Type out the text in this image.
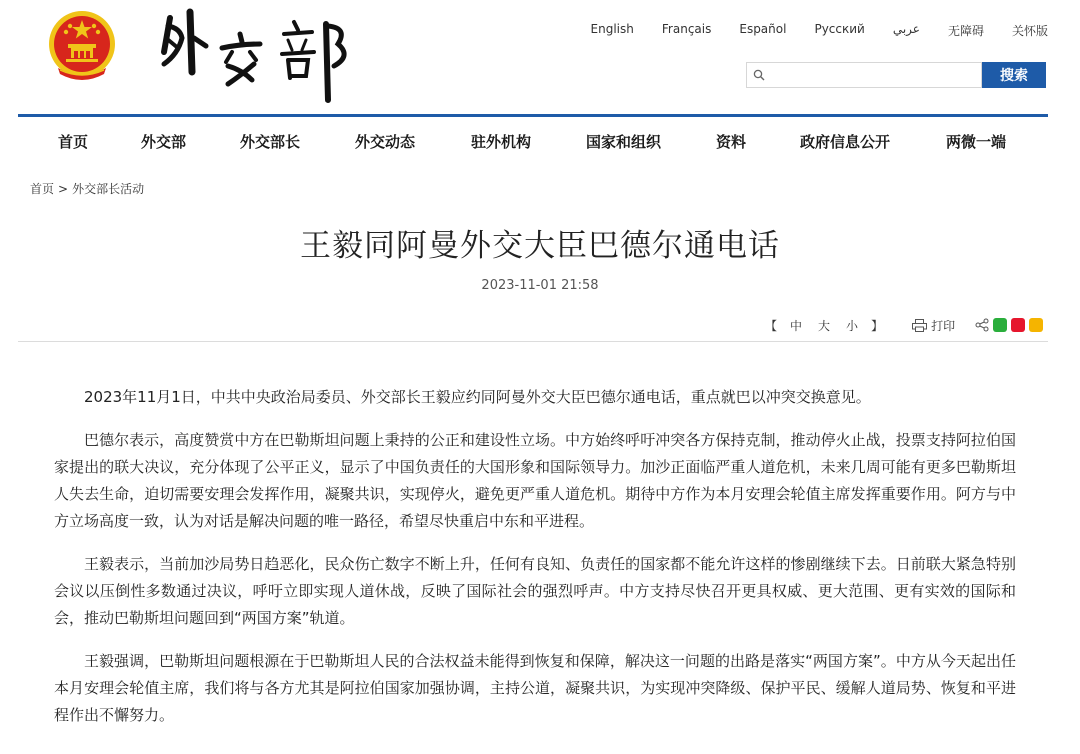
English Français Español Русский عربي 无障碍 关怀版
搜索
首页	外交部	外交部长	外交动态	驻外机构	国家和组织	资料	政府信息公开	两微一端
首页 > 外交部长活动
王毅同阿曼外交大臣巴德尔通电话
2023-11-01 21:58
【 中 大 小 】	打印

2023年11月1日，中共中央政治局委员、外交部长王毅应约同阿曼外交大臣巴德尔通电话，重点就巴以冲突交换意见。

巴德尔表示，高度赞赏中方在巴勒斯坦问题上秉持的公正和建设性立场。中方始终呼吁冲突各方保持克制，推动停火止战，投票支持阿拉伯国家提出的联大决议，充分体现了公平正义，显示了中国负责任的大国形象和国际领导力。加沙正面临严重人道危机，未来几周可能有更多巴勒斯坦人失去生命，迫切需要安理会发挥作用，凝聚共识，实现停火，避免更严重人道危机。期待中方作为本月安理会轮值主席发挥重要作用。阿方与中方立场高度一致，认为对话是解决问题的唯一路径，希望尽快重启中东和平进程。

王毅表示，当前加沙局势日趋恶化，民众伤亡数字不断上升，任何有良知、负责任的国家都不能允许这样的惨剧继续下去。日前联大紧急特别会议以压倒性多数通过决议，呼吁立即实现人道休战，反映了国际社会的强烈呼声。中方支持尽快召开更具权威、更大范围、更有实效的国际和会，推动巴勒斯坦问题回到“两国方案”轨道。

王毅强调，巴勒斯坦问题根源在于巴勒斯坦人民的合法权益未能得到恢复和保障，解决这一问题的出路是落实“两国方案”。中方从今天起出任本月安理会轮值主席，我们将与各方尤其是阿拉伯国家加强协调，主持公道，凝聚共识，为实现冲突降级、保护平民、缓解人道局势、恢复和平进程作出不懈努力。
